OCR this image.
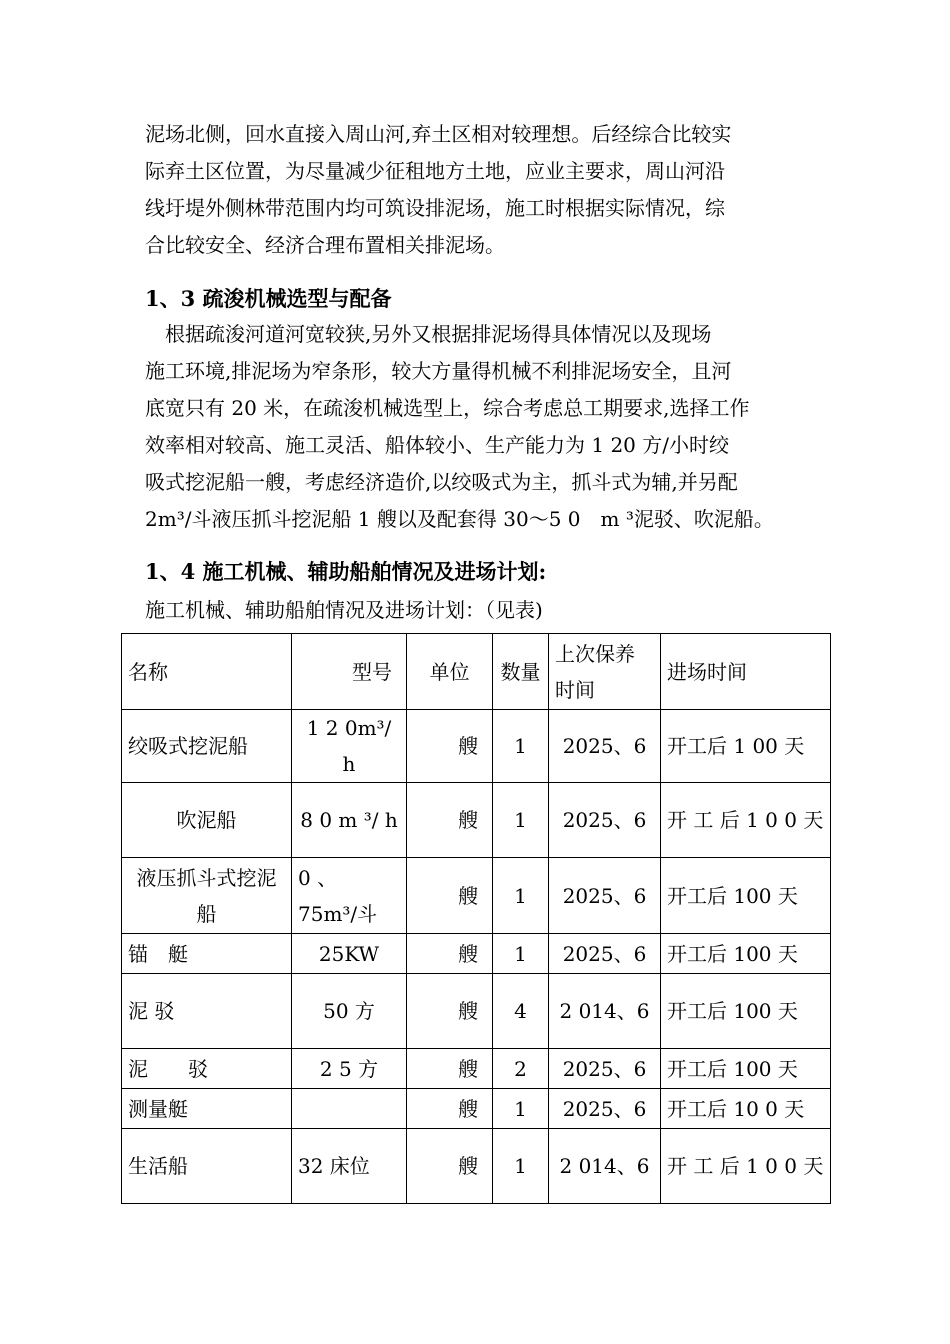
泥场北侧，回水直接入周山河,弃土区相对较理想。后经综合比较实
际弃土区位置，为尽量减少征租地方土地，应业主要求，周山河沿
线圩堤外侧林带范围内均可筑设排泥场，施工时根据实际情况，综
合比较安全、经济合理布置相关排泥场。

1、3 疏浚机械选型与配备

　根据疏浚河道河宽较狭,另外又根据排泥场得具体情况以及现场
施工环境,排泥场为窄条形，较大方量得机械不利排泥场安全，且河
底宽只有 20 米，在疏浚机械选型上，综合考虑总工期要求,选择工作
效率相对较高、施工灵活、船体较小、生产能力为 1 20 方/小时绞
吸式挖泥船一艘，考虑经济造价,以绞吸式为主，抓斗式为辅,并另配
2m³/斗液压抓斗挖泥船 1 艘以及配套得 30～5 0　m ³泥驳、吹泥船。

1、4 施工机械、辅助船舶情况及进场计划:

施工机械、辅助船舶情况及进场计划：（见表)

名称	型号	单位	数量	上次保养时间	进场时间
绞吸式挖泥船	1 2 0m³/ h	艘	1	2025、6	开工后 1 00 天
吹泥船	8 0 m ³/ h	艘	1	2025、6	开 工 后 1 0 0 天
液压抓斗式挖泥船	0 、 75m³/斗	艘	1	2025、6	开工后 100 天
锚　艇	25KW	艘	1	2025、6	开工后 100 天
泥 驳	50 方	艘	4	2 014、6	开工后 100 天
泥　　驳	2 5 方	艘	2	2025、6	开工后 100 天
测量艇		艘	1	2025、6	开工后 10 0 天
生活船	32 床位	艘	1	2 014、6	开 工 后 1 0 0 天
